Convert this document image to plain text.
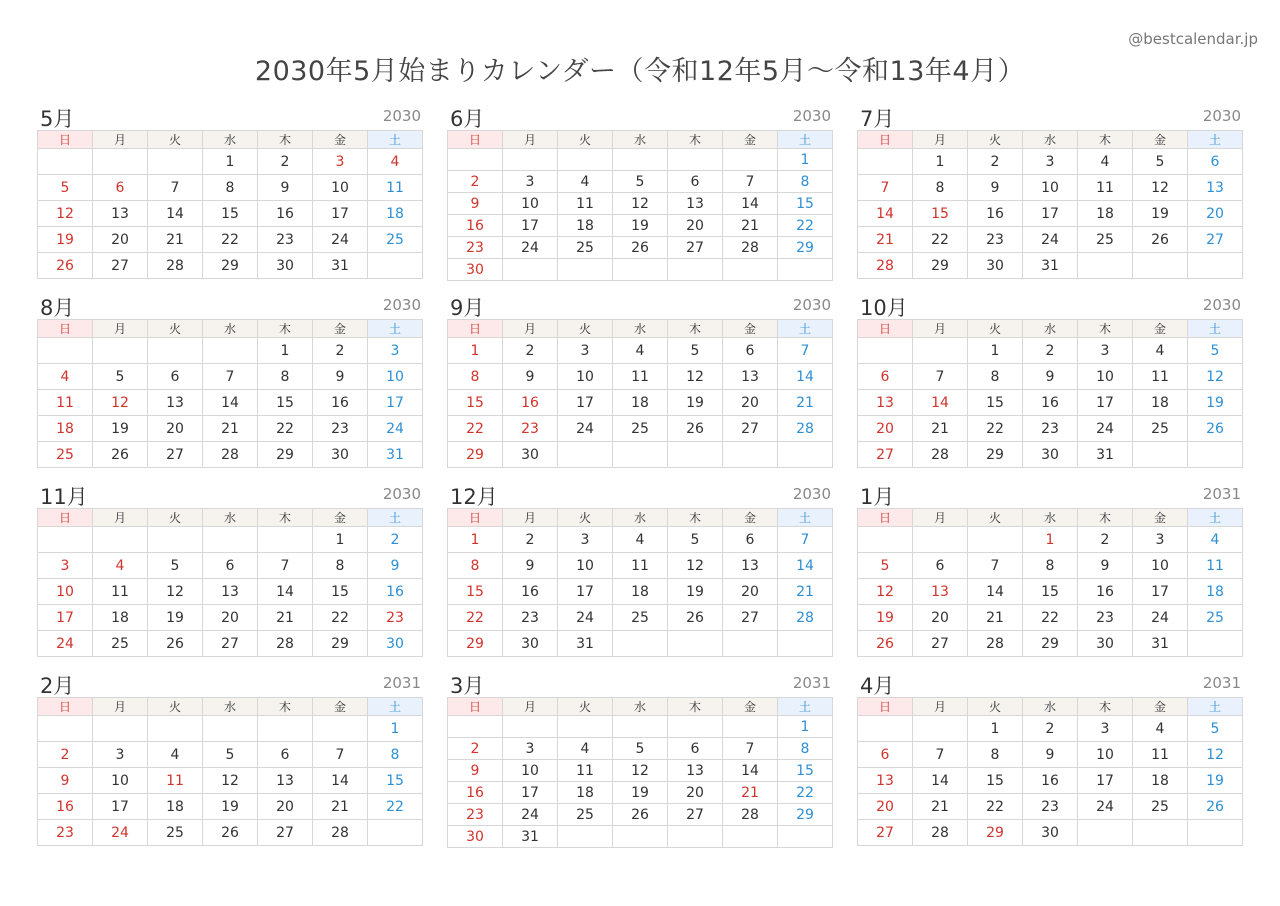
@bestcalendar.jp
2030年5月始まりカレンダー（令和12年5月〜令和13年4月）
5月	2030
日	月	火	水	木	金	土
			1	2	3	4
5	6	7	8	9	10	11
12	13	14	15	16	17	18
19	20	21	22	23	24	25
26	27	28	29	30	31	
6月	2030
日	月	火	水	木	金	土
						1
2	3	4	5	6	7	8
9	10	11	12	13	14	15
16	17	18	19	20	21	22
23	24	25	26	27	28	29
30						
7月	2030
日	月	火	水	木	金	土
	1	2	3	4	5	6
7	8	9	10	11	12	13
14	15	16	17	18	19	20
21	22	23	24	25	26	27
28	29	30	31			
8月	2030
日	月	火	水	木	金	土
				1	2	3
4	5	6	7	8	9	10
11	12	13	14	15	16	17
18	19	20	21	22	23	24
25	26	27	28	29	30	31
9月	2030
日	月	火	水	木	金	土
1	2	3	4	5	6	7
8	9	10	11	12	13	14
15	16	17	18	19	20	21
22	23	24	25	26	27	28
29	30					
10月	2030
日	月	火	水	木	金	土
		1	2	3	4	5
6	7	8	9	10	11	12
13	14	15	16	17	18	19
20	21	22	23	24	25	26
27	28	29	30	31		
11月	2030
日	月	火	水	木	金	土
					1	2
3	4	5	6	7	8	9
10	11	12	13	14	15	16
17	18	19	20	21	22	23
24	25	26	27	28	29	30
12月	2030
日	月	火	水	木	金	土
1	2	3	4	5	6	7
8	9	10	11	12	13	14
15	16	17	18	19	20	21
22	23	24	25	26	27	28
29	30	31				
1月	2031
日	月	火	水	木	金	土
			1	2	3	4
5	6	7	8	9	10	11
12	13	14	15	16	17	18
19	20	21	22	23	24	25
26	27	28	29	30	31	
2月	2031
日	月	火	水	木	金	土
						1
2	3	4	5	6	7	8
9	10	11	12	13	14	15
16	17	18	19	20	21	22
23	24	25	26	27	28	
3月	2031
日	月	火	水	木	金	土
						1
2	3	4	5	6	7	8
9	10	11	12	13	14	15
16	17	18	19	20	21	22
23	24	25	26	27	28	29
30	31					
4月	2031
日	月	火	水	木	金	土
		1	2	3	4	5
6	7	8	9	10	11	12
13	14	15	16	17	18	19
20	21	22	23	24	25	26
27	28	29	30			
